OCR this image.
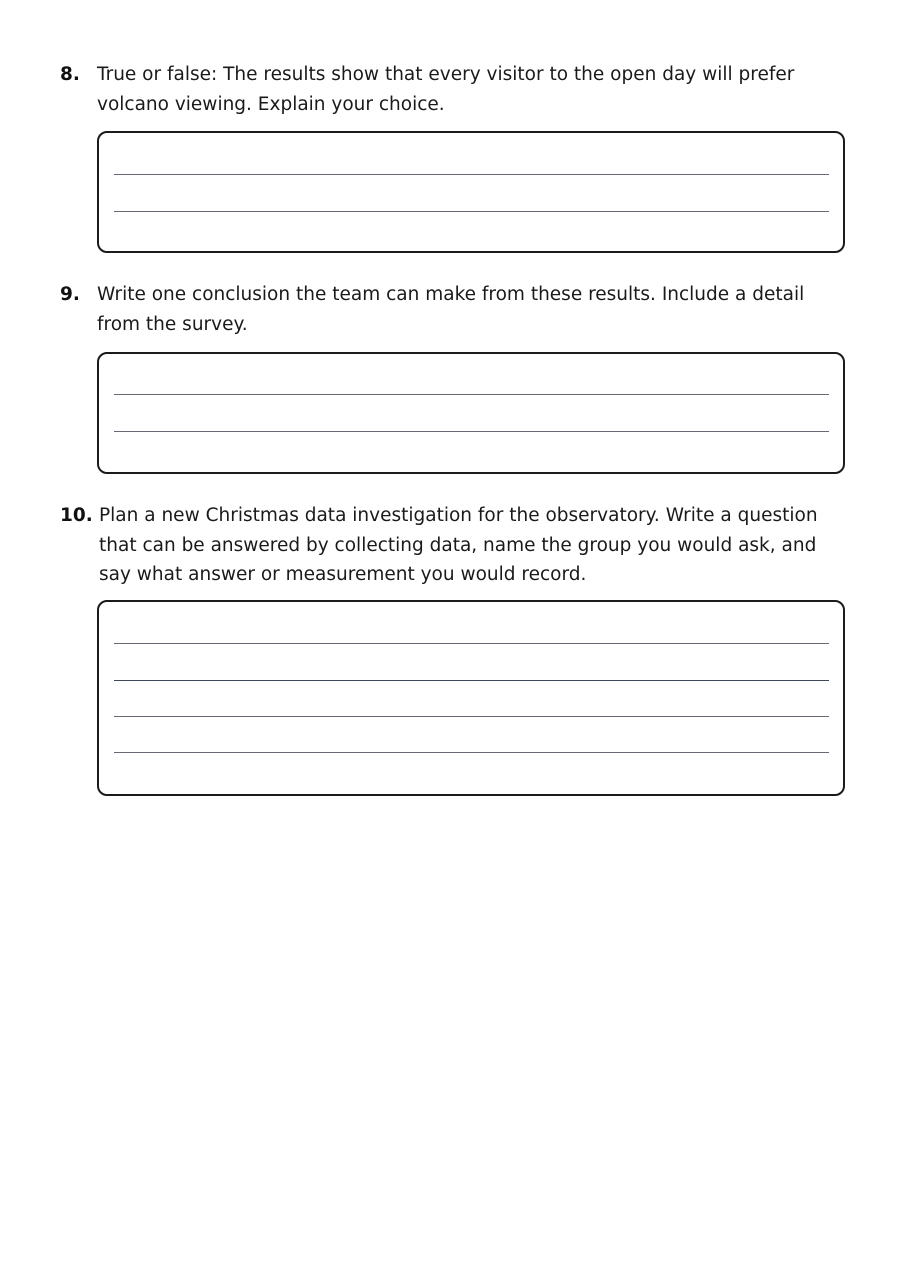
8. True or false: The results show that every visitor to the open day will prefer volcano viewing. Explain your choice.
9. Write one conclusion the team can make from these results. Include a detail from the survey.
10. Plan a new Christmas data investigation for the observatory. Write a question that can be answered by collecting data, name the group you would ask, and say what answer or measurement you would record.
